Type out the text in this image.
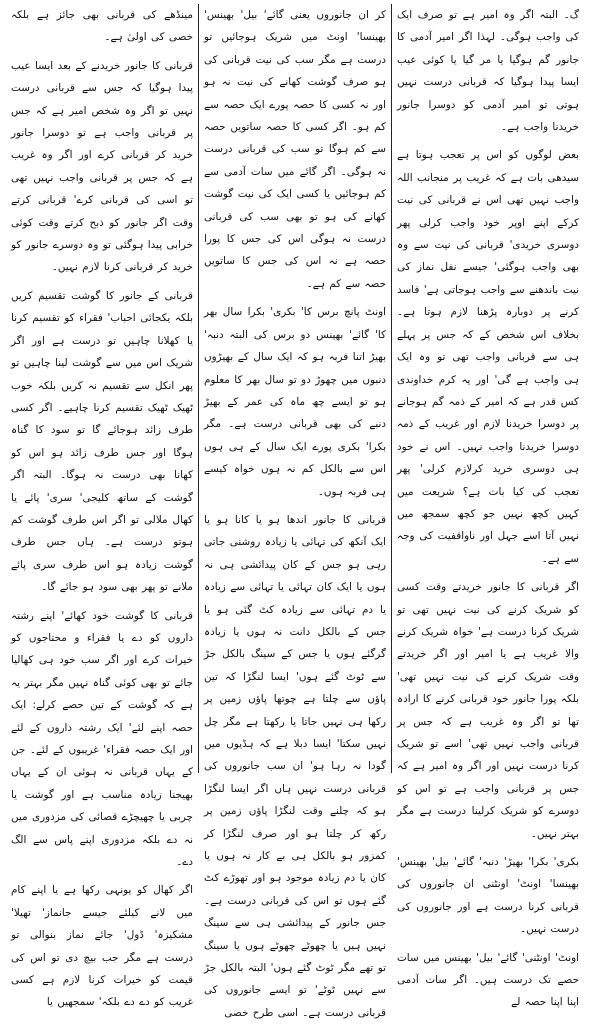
گ۔ البتہ اگر وہ امیر ہے تو صرف ایک کی واجب ہوگی۔ لہذا اگر امیر آدمی کا جانور گم ہوگیا یا مر گیا یا کوئی عیب ایسا پیدا ہوگیا کہ قربانی درست نہیں ہوتی تو امیر آدمی کو دوسرا جانور خریدنا واجب ہے۔

بعض لوگوں کو اس پر تعجب ہوتا ہے سیدھی بات ہے کہ غریب پر منجانب اللہ واجب نہیں تھی اس نے قربانی کی نیت کرکے اپنے اوپر خود واجب کرلی پھر دوسری خریدی' قربانی کی نیت سے وہ بھی واجب ہوگئی' جیسے نفل نماز کی نیت باندھنے سے واجب ہوجاتی ہے' فاسد کرنے پر دوبارہ پڑھنا لازم ہوتا ہے۔ بخلاف اس شخص کے کہ جس پر پہلے ہی سے قربانی واجب تھی تو وہ ایک ہی واجب ہے گی' اور یہ کرم خداوندی کس قدر ہے کہ امیر کے ذمہ گم ہوجانے پر دوسرا خریدنا لازم اور غریب کے ذمہ دوسرا خریدنا واجب نہیں۔ اس نے خود ہی دوسری خرید کرلازم کرلی' پھر تعجب کی کیا بات ہے؟ شریعت میں کہیں کچھ نہیں جو کچھ سمجھ میں نہیں آتا اسے جہل اور ناواقفیت کی وجہ سے ہے۔

اگر قربانی کا جانور خریدتے وقت کسی کو شریک کرنے کی نیت نہیں تھی تو شریک کرنا درست ہے' خواہ شریک کرنے والا غریب ہے یا امیر اور اگر خریدتے وقت شریک کرنے کی نیت نہیں تھی' بلکہ پورا جانور خود قربانی کرنے کا ارادہ تھا تو اگر وہ غریب ہے کہ جس پر قربانی واجب نہیں تھی' اسے تو شریک کرنا درست نہیں اور اگر وہ امیر ہے کہ جس پر قربانی واجب ہے تو اس کو دوسرے کو شریک کرلینا درست ہے مگر بہتر نہیں۔

بکری' بکرا' بھیڑ' دنبہ' گائے' بیل' بھینس' بھینسا' اونٹ' اونٹنی ان جانوروں کی قربانی کرنا درست ہے اور جانوروں کی درست نہیں۔

اونٹ' اونٹنی' گائے' بیل' بھینس میں سات حصے تک درست ہیں۔ اگر سات آدمی اپنا اپنا حصہ لے

کر ان جانوروں یعنی گائے' بیل' بھینس' بھینسا' اونٹ میں شریک ہوجائیں تو درست ہے مگر سب کی نیت قربانی کی ہو صرف گوشت کھانے کی نیت نہ ہو اور نہ کسی کا حصہ پورے ایک حصہ سے کم ہو۔ اگر کسی کا حصہ ساتویں حصہ سے کم ہوگا تو سب کی قربانی درست نہ ہوگی۔ اگر گائے میں سات آدمی سے کم ہوجائیں یا کسی ایک کی نیت گوشت کھانے کی ہو تو بھی سب کی قربانی درست نہ ہوگی اس کی جس کا پورا حصہ ہے نہ اس کی جس کا ساتویں حصہ سے کم ہے۔

اونٹ پانچ برس کا' بکری' بکرا سال بھر کا' گائے' بھینس دو برس کی البتہ دنبہ' بھیڑ اتنا فربہ ہو کہ ایک سال کے بھیڑوں دنبوں میں چھوڑ دو تو سال بھر کا معلوم ہو تو ایسے چھ ماہ کی عمر کے بھیڑ دنبے کی بھی قربانی درست ہے۔ مگر بکرا' بکری پورے ایک سال کے ہی ہوں اس سے بالکل کم نہ ہوں خواہ کیسے ہی فربہ ہوں۔

قربانی کا جانور اندھا ہو یا کانا ہو یا ایک آنکھ کی تہائی یا زیادہ روشنی جاتی رہی ہو جس کے کان پیدائشی ہی نہ ہوں یا ایک کان تہائی یا تہائی سے زیادہ یا دم تہائی سے زیادہ کٹ گئی ہو یا جس کے بالکل دانت نہ ہوں یا زیادہ گرگئے ہوں یا جس کے سینگ بالکل جڑ سے ٹوٹ گئے ہوں' ایسا لنگڑا کہ تین پاؤں سے چلتا ہے چوتھا پاؤں زمین پر رکھا ہی نہیں جاتا یا رکھتا ہے مگر چل نہیں سکتا' ایسا دبلا ہے کہ ہڈیوں میں گودا نہ رہا ہو' ان سب جانوروں کی قربانی درست نہیں ہاں اگر ایسا لنگڑا ہو کہ چلنے وقت لنگڑا پاؤں زمین پر رکھ کر چلتا ہو اور صرف لنگڑا کر کمزور ہو بالکل ہی بے کار نہ ہوں یا کان یا دم زیادہ موجود ہو اور تھوڑے کٹ گئے ہوں تو اس کی قربانی درست ہے۔ جس جانور کے پیدائشی ہی سے سینگ نہیں ہیں یا چھوٹے چھوٹے ہوں یا سینگ تو تھے مگر ٹوٹ گئے ہوں' البتہ بالکل جڑ سے نہیں ٹوٹے' تو ایسے جانوروں کی قربانی درست ہے۔ اسی طرح خصی

مینڈھے کی قربانی بھی جائز ہے بلکہ خصی کی اولیٰ ہے۔

قربانی کا جانور خریدنے کے بعد ایسا عیب پیدا ہوگیا کہ جس سے قربانی درست نہیں تو اگر وہ شخص امیر ہے کہ جس پر قربانی واجب ہے تو دوسرا جانور خرید کر قربانی کرے اور اگر وہ غریب ہے کہ جس پر قربانی واجب نہیں تھی تو اسی کی قربانی کرے' قربانی کرتے وقت اگر جانور کو ذبح کرتے وقت کوئی خرابی پیدا ہوگئی تو وہ دوسرے جانور کو خرید کر قربانی کرنا لازم نہیں۔

قربانی کے جانور کا گوشت تقسیم کریں بلکہ یکجائی احباب' فقراء کو تقسیم کرنا یا کھلانا چاہیں تو درست ہے اور اگر شریک اس میں سے گوشت لینا چاہیں تو پھر انکل سے تقسیم نہ کریں بلکہ خوب ٹھیک ٹھیک تقسیم کرنا چاہیے۔ اگر کسی طرف زائد ہوجائے گا تو سود کا گناہ ہوگا اور جس طرف زائد ہو اس کو کھانا بھی درست نہ ہوگا۔ البتہ اگر گوشت کے ساتھ کلیجی' سری' پائے یا کھال ملالی تو اگر اس طرف گوشت کم ہوتو درست ہے۔ ہاں جس طرف گوشت زیادہ ہو اس طرف سری پائے ملانے تو پھر بھی سود ہو جائے گا۔

قربانی کا گوشت خود کھائے' اپنے رشتہ داروں کو دے یا فقراء و محتاجوں کو خیرات کرے اور اگر سب خود ہی کھالیا جائے تو بھی کوئی گناہ نہیں مگر بہتر یہ ہے کہ گوشت کے تین حصے کرلے: ایک حصہ اپنے لئے' ایک رشتہ داروں کے لئے اور ایک حصہ فقراء' غریبوں کے لئے۔ جن کے یہاں قربانی نہ ہوئی ان کے یہاں بھیجنا زیادہ مناسب ہے اور گوشت یا چربی یا چھیچڑے قصائی کی مزدوری میں نہ دے بلکہ مزدوری اپنے پاس سے الگ دے۔

اگر کھال کو یونہی رکھا ہے یا اپنے کام میں لانے کیلئے جیسے جانماز' تھیلا' مشکیزہ' ڈول' جائے نماز بنوالی تو درست ہے مگر جب بیچ دی تو اس کی قیمت کو خیرات کرنا لازم ہے کسی غریب کو دے دے بلکہ' سمجھیں یا
